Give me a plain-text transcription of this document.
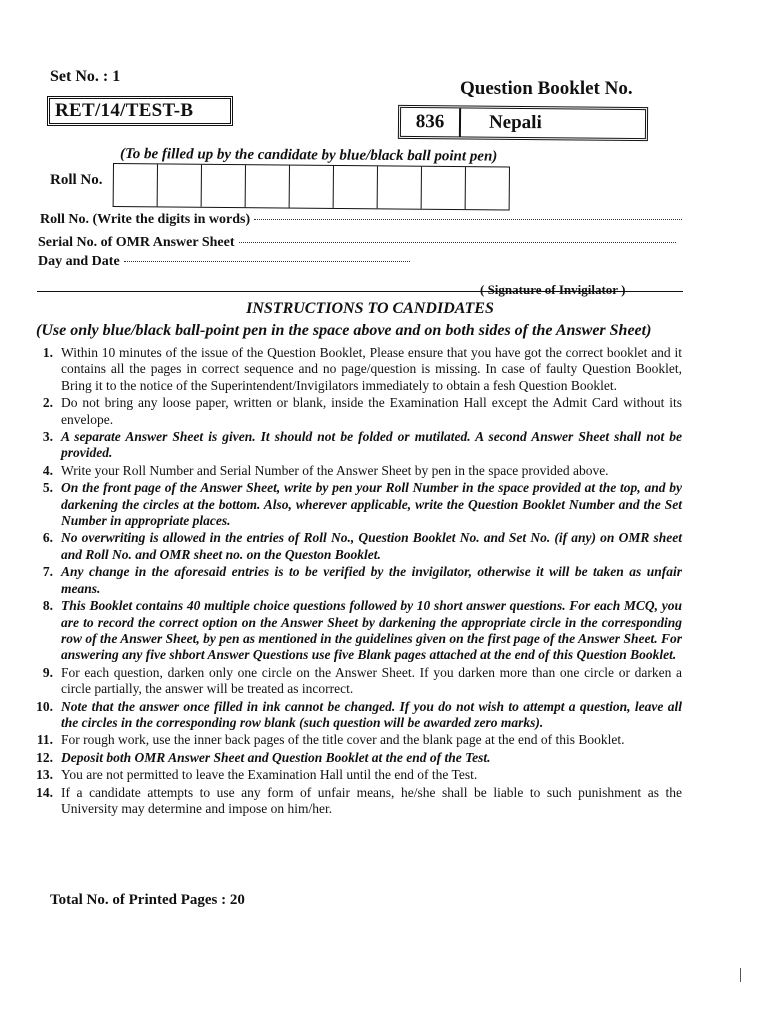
Set No. : 1
RET/14/TEST-B
Question Booklet No.
836	Nepali
(To be filled up by the candidate by blue/black ball point pen)
Roll No.
Roll No. (Write the digits in words)
Serial No. of OMR Answer Sheet
Day and Date
( Signature of Invigilator )
INSTRUCTIONS TO CANDIDATES
(Use only blue/black ball-point pen in the space above and on both sides of the Answer Sheet)
1. Within 10 minutes of the issue of the Question Booklet, Please ensure that you have got the correct booklet and it contains all the pages in correct sequence and no page/question is missing. In case of faulty Question Booklet, Bring it to the notice of the Superintendent/Invigilators immediately to obtain a fesh Question Booklet.
2. Do not bring any loose paper, written or blank, inside the Examination Hall except the Admit Card without its envelope.
3. A separate Answer Sheet is given. It should not be folded or mutilated. A second Answer Sheet shall not be provided.
4. Write your Roll Number and Serial Number of the Answer Sheet by pen in the space provided above.
5. On the front page of the Answer Sheet, write by pen your Roll Number in the space provided at the top, and by darkening the circles at the bottom. Also, wherever applicable, write the Question Booklet Number and the Set Number in appropriate places.
6. No overwriting is allowed in the entries of Roll No., Question Booklet No. and Set No. (if any) on OMR sheet and Roll No. and OMR sheet no. on the Queston Booklet.
7. Any change in the aforesaid entries is to be verified by the invigilator, otherwise it will be taken as unfair means.
8. This Booklet contains 40 multiple choice questions followed by 10 short answer questions. For each MCQ, you are to record the correct option on the Answer Sheet by darkening the appropriate circle in the corresponding row of the Answer Sheet, by pen as mentioned in the guidelines given on the first page of the Answer Sheet. For answering any five shbort Answer Questions use five Blank pages attached at the end of this Question Booklet.
9. For each question, darken only one circle on the Answer Sheet. If you darken more than one circle or darken a circle partially, the answer will be treated as incorrect.
10. Note that the answer once filled in ink cannot be changed. If you do not wish to attempt a question, leave all the circles in the corresponding row blank (such question will be awarded zero marks).
11. For rough work, use the inner back pages of the title cover and the blank page at the end of this Booklet.
12. Deposit both OMR Answer Sheet and Question Booklet at the end of the Test.
13. You are not permitted to leave the Examination Hall until the end of the Test.
14. If a candidate attempts to use any form of unfair means, he/she shall be liable to such punishment as the University may determine and impose on him/her.
Total No. of Printed Pages : 20
